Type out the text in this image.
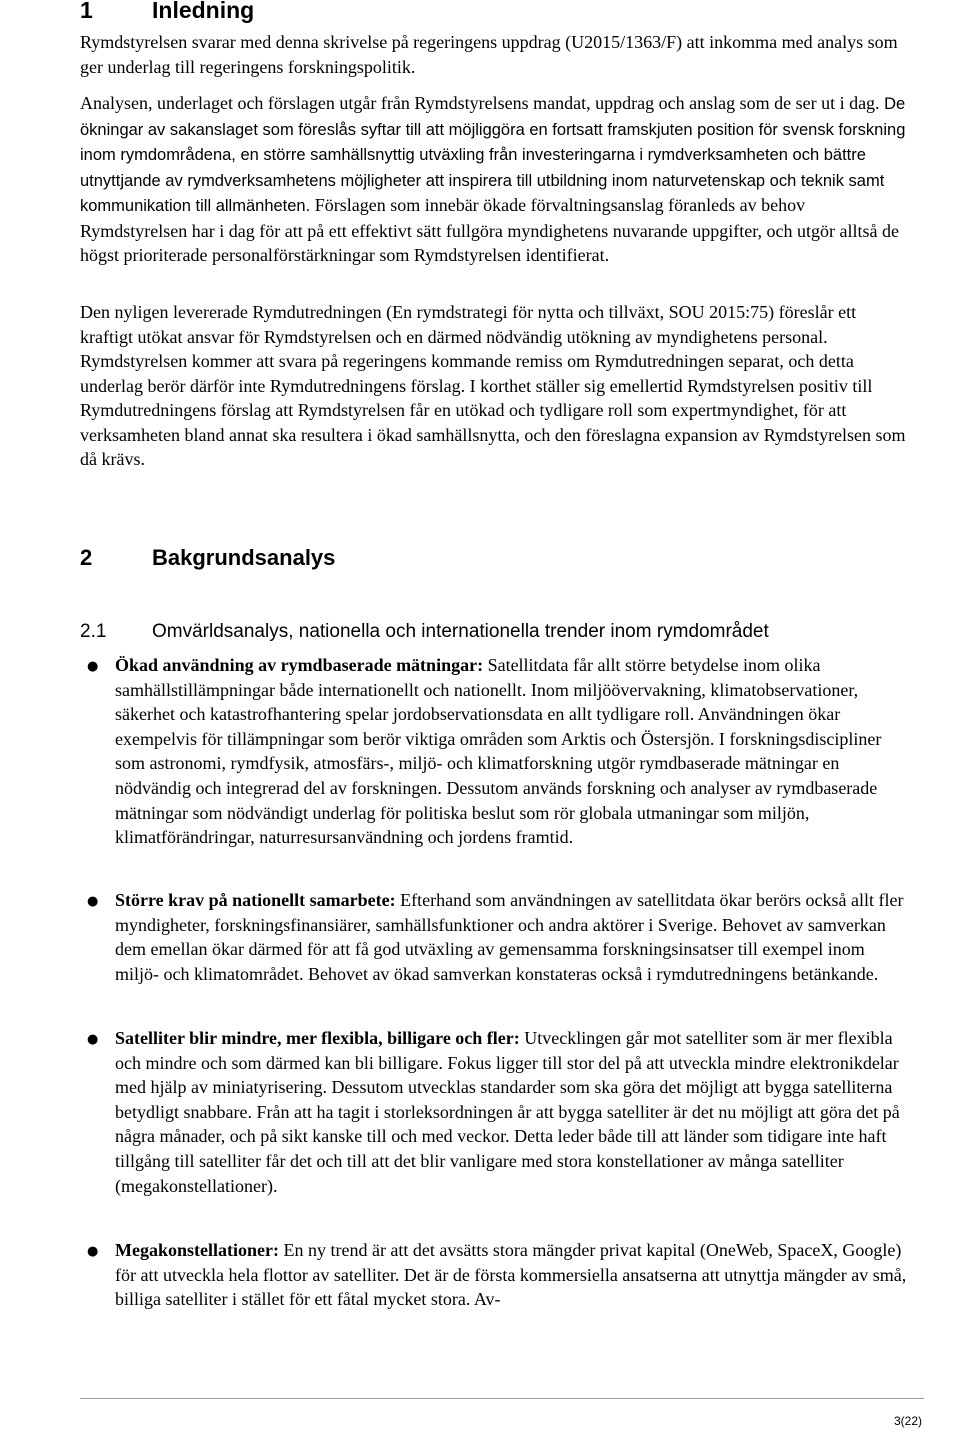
1	Inledning

Rymdstyrelsen svarar med denna skrivelse på regeringens uppdrag (U2015/1363/F) att inkomma med analys som ger underlag till regeringens forskningspolitik.

Analysen, underlaget och förslagen utgår från Rymdstyrelsens mandat, uppdrag och anslag som de ser ut i dag. De ökningar av sakanslaget som föreslås syftar till att möjliggöra en fortsatt framskjuten position för svensk forskning inom rymdområdena, en större samhällsnyttig utväxling från investeringarna i rymdverksamheten och bättre utnyttjande av rymdverksamhetens möjligheter att inspirera till utbildning inom naturvetenskap och teknik samt kommunikation till allmänheten. Förslagen som innebär ökade förvaltningsanslag föranleds av behov Rymdstyrelsen har i dag för att på ett effektivt sätt fullgöra myndighetens nuvarande uppgifter, och utgör alltså de högst prioriterade personalförstärkningar som Rymdstyrelsen identifierat.

Den nyligen levererade Rymdutredningen (En rymdstrategi för nytta och tillväxt, SOU 2015:75) föreslår ett kraftigt utökat ansvar för Rymdstyrelsen och en därmed nödvändig utökning av myndighetens personal. Rymdstyrelsen kommer att svara på regeringens kommande remiss om Rymdutredningen separat, och detta underlag berör därför inte Rymdutredningens förslag. I korthet ställer sig emellertid Rymdstyrelsen positiv till Rymdutredningens förslag att Rymdstyrelsen får en utökad och tydligare roll som expertmyndighet, för att verksamheten bland annat ska resultera i ökad samhällsnytta, och den föreslagna expansion av Rymdstyrelsen som då krävs.

2	Bakgrundsanalys
2.1 Omvärldsanalys, nationella och internationella trender inom rymdområdet
● Ökad användning av rymdbaserade mätningar: Satellitdata får allt större betydelse inom olika samhällstillämpningar både internationellt och nationellt. Inom miljöövervakning, klimatobservationer, säkerhet och katastrofhantering spelar jordobservationsdata en allt tydligare roll. Användningen ökar exempelvis för tillämpningar som berör viktiga områden som Arktis och Östersjön. I forskningsdiscipliner som astronomi, rymdfysik, atmosfärs-, miljö- och klimatforskning utgör rymdbaserade mätningar en nödvändig och integrerad del av forskningen. Dessutom används forskning och analyser av rymdbaserade mätningar som nödvändigt underlag för politiska beslut som rör globala utmaningar som miljön, klimatförändringar, naturresursanvändning och jordens framtid.

● Större krav på nationellt samarbete: Efterhand som användningen av satellitdata ökar berörs också allt fler myndigheter, forskningsfinansiärer, samhällsfunktioner och andra aktörer i Sverige. Behovet av samverkan dem emellan ökar därmed för att få god utväxling av gemensamma forskningsinsatser till exempel inom miljö- och klimatområdet. Behovet av ökad samverkan konstateras också i rymdutredningens betänkande.

● Satelliter blir mindre, mer flexibla, billigare och fler: Utvecklingen går mot satelliter som är mer flexibla och mindre och som därmed kan bli billigare. Fokus ligger till stor del på att utveckla mindre elektronikdelar med hjälp av miniatyrisering. Dessutom utvecklas standarder som ska göra det möjligt att bygga satelliterna betydligt snabbare. Från att ha tagit i storleksordningen år att bygga satelliter är det nu möjligt att göra det på några månader, och på sikt kanske till och med veckor. Detta leder både till att länder som tidigare inte haft tillgång till satelliter får det och till att det blir vanligare med stora konstellationer av många satelliter (megakonstellationer).

● Megakonstellationer: En ny trend är att det avsätts stora mängder privat kapital (OneWeb, SpaceX, Google) för att utveckla hela flottor av satelliter. Det är de första kommersiella ansatserna att utnyttja mängder av små, billiga satelliter i stället för ett fåtal mycket stora. Av-

3(22)
